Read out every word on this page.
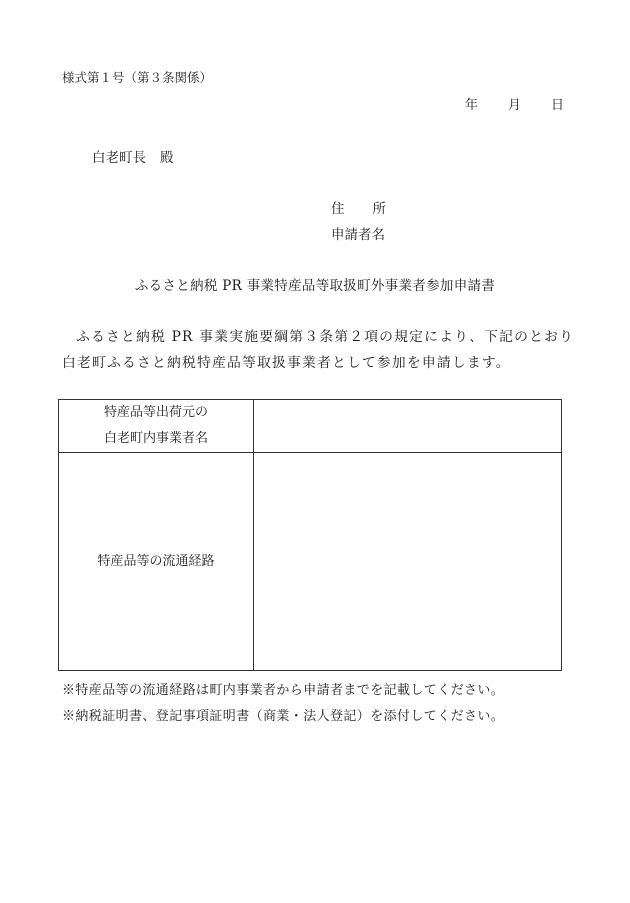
様式第１号（第３条関係）
年 月 日
白老町長 殿
住 所
申請者名
ふるさと納税 PR 事業特産品等取扱町外事業者参加申請書
ふるさと納税 PR 事業実施要綱第３条第２項の規定により、下記のとおり
白老町ふるさと納税特産品等取扱事業者として参加を申請します。
特産品等出荷元の
白老町内事業者名	

特産品等の流通経路	

※特産品等の流通経路は町内事業者から申請者までを記載してください。
※納税証明書、登記事項証明書（商業・法人登記）を添付してください。
